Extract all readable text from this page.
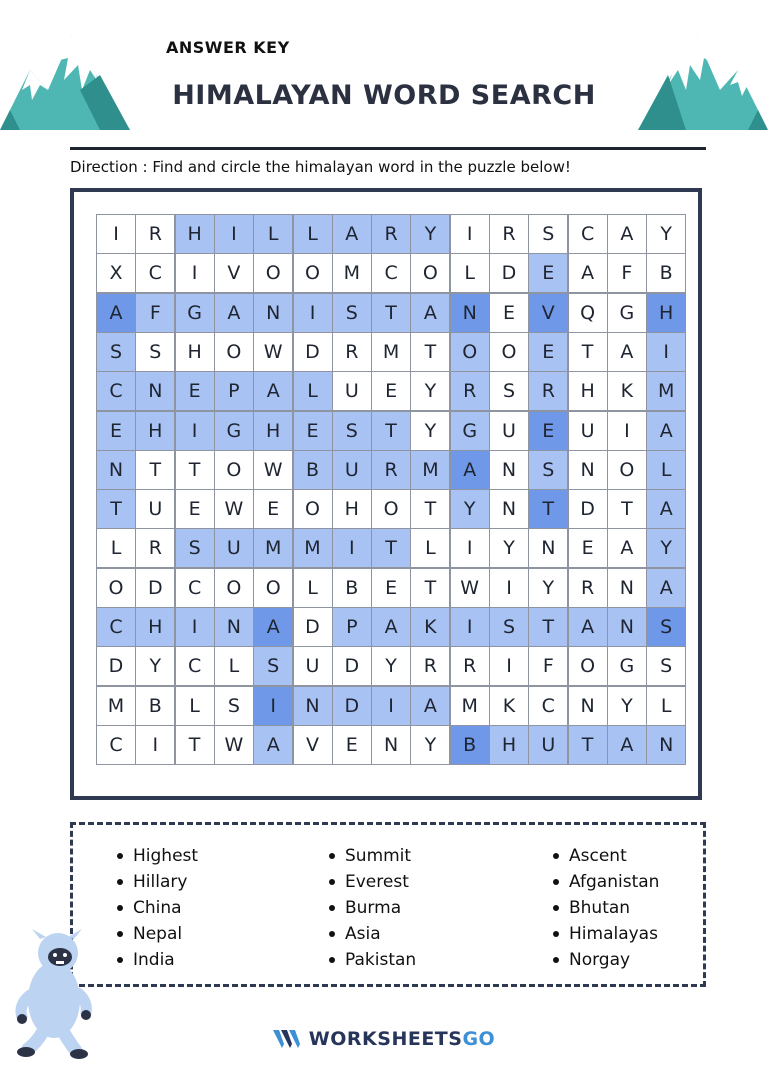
ANSWER KEY
HIMALAYAN WORD SEARCH
Direction : Find and circle the himalayan word in the puzzle below!
I	R	H	I	L	L	A	R	Y	I	R	S	C	A	Y
X	C	I	V	O	O	M	C	O	L	D	E	A	F	B
A	F	G	A	N	I	S	T	A	N	E	V	Q	G	H
S	S	H	O	W	D	R	M	T	O	O	E	T	A	I
C	N	E	P	A	L	U	E	Y	R	S	R	H	K	M
E	H	I	G	H	E	S	T	Y	G	U	E	U	I	A
N	T	T	O	W	B	U	R	M	A	N	S	N	O	L
T	U	E	W	E	O	H	O	T	Y	N	T	D	T	A
L	R	S	U	M	M	I	T	L	I	Y	N	E	A	Y
O	D	C	O	O	L	B	E	T	W	I	Y	R	N	A
C	H	I	N	A	D	P	A	K	I	S	T	A	N	S
D	Y	C	L	S	U	D	Y	R	R	I	F	O	G	S
M	B	L	S	I	N	D	I	A	M	K	C	N	Y	L
C	I	T	W	A	V	E	N	Y	B	H	U	T	A	N
Highest
Hillary
China
Nepal
India
Summit
Everest
Burma
Asia
Pakistan
Ascent
Afganistan
Bhutan
Himalayas
Norgay
WORKSHEETSGO
